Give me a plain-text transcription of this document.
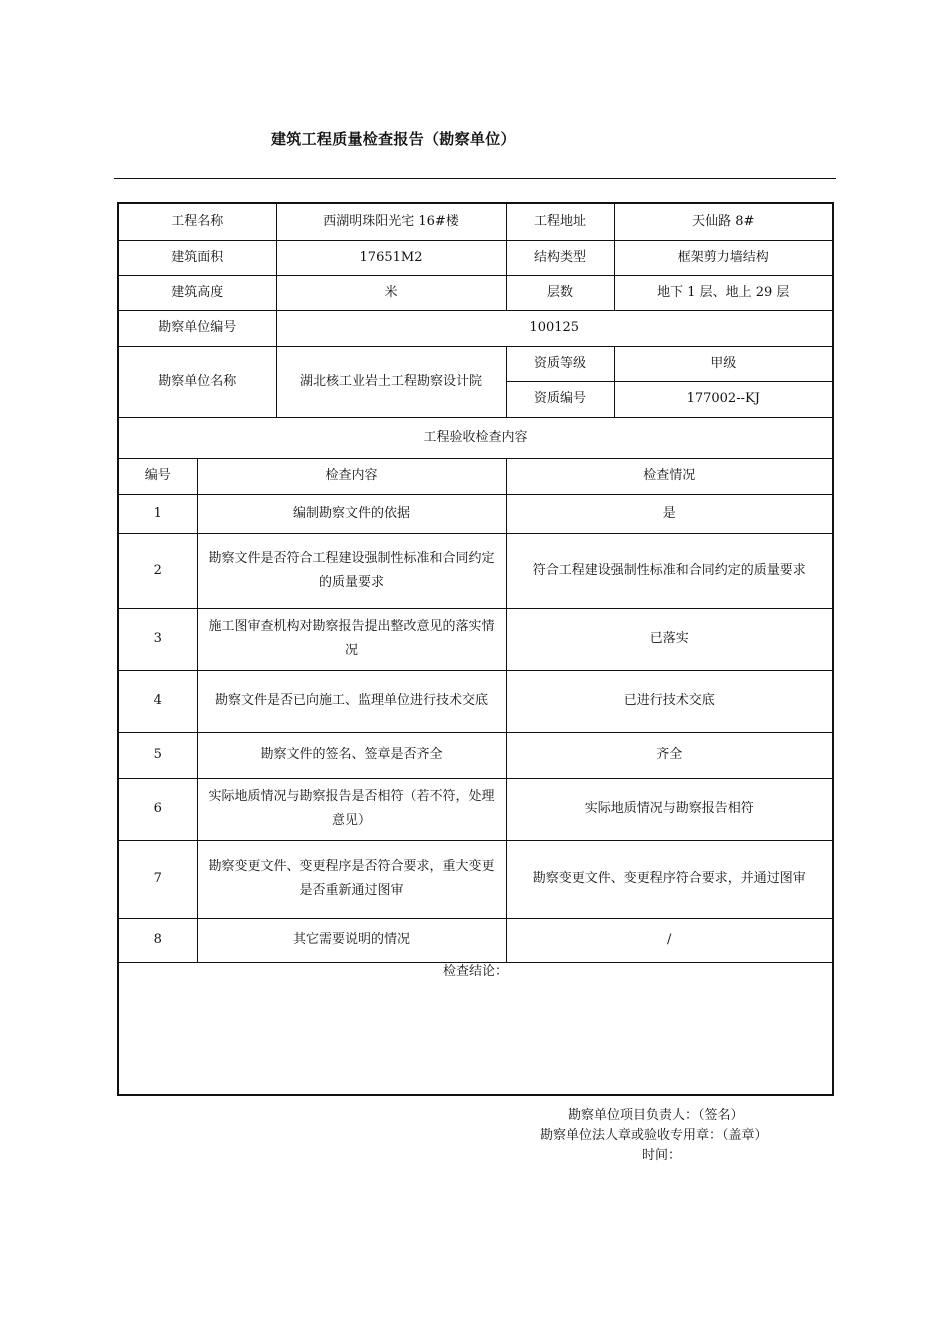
建筑工程质量检查报告（勘察单位）
工程名称		西湖明珠阳光宅 16#楼	工程地址	天仙路 8#
建筑面积		17651M2	结构类型	框架剪力墙结构
建筑高度		米	层数	地下 1 层、地上 29 层
勘察单位编号		100125		
勘察单位名称		湖北核工业岩土工程勘察设计院	资质等级	甲级
			资质编号	177002--KJ
工程验收检查内容				
编号	检查内容		检查情况	
1	编制勘察文件的依据		是	
2	勘察文件是否符合工程建设强制性标准和合同约定的质量要求		符合工程建设强制性标准和合同约定的质量要求	
3	施工图审查机构对勘察报告提出整改意见的落实情况		已落实	
4	勘察文件是否已向施工、监理单位进行技术交底		已进行技术交底	
5	勘察文件的签名、签章是否齐全		齐全	
6	实际地质情况与勘察报告是否相符（若不符，处理意见）		实际地质情况与勘察报告相符	
7	勘察变更文件、变更程序是否符合要求，重大变更是否重新通过图审		勘察变更文件、变更程序符合要求，并通过图审	
8	其它需要说明的情况		/	
检查结论：
勘察单位项目负责人：（签名）
勘察单位法人章或验收专用章：（盖章）
时间：
